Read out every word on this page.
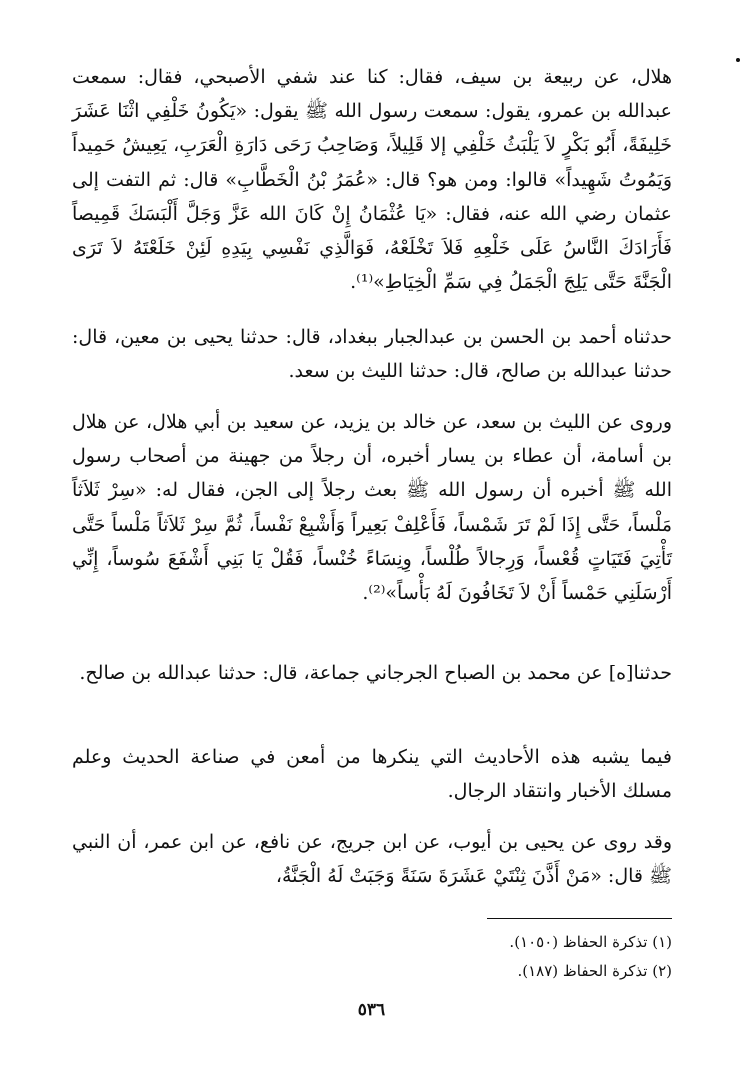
هلال، عن ربيعة بن سيف، فقال: كنا عند شفي الأصبحي، فقال: سمعت عبدالله بن عمرو، يقول: سمعت رسول الله ﷺ يقول: «يَكُونُ خَلْفِي اثْنَا عَشَرَ خَلِيفَةً، أَبُو بَكْرٍ لاَ يَلْبَثُ خَلْفِي إلا قَلِيلاً، وَصَاحِبُ رَحَى دَارَةِ الْعَرَبِ، يَعِيشُ حَمِيداً وَيَمُوتُ شَهِيداً» قالوا: ومن هو؟ قال: «عُمَرُ بْنُ الْخَطَّابِ» قال: ثم التفت إلى عثمان رضي الله عنه، فقال: «يَا عُثْمَانُ إِنْ كَانَ الله عَزَّ وَجَلَّ أَلْبَسَكَ قَمِيصاً فَأَرَادَكَ النَّاسُ عَلَى خَلْعِهِ فَلاَ تَخْلَعْهُ، فَوَالَّذِي نَفْسِي بِيَدِهِ لَئِنْ خَلَعْتَهُ لاَ تَرَى الْجَنَّةَ حَتَّى يَلِجَ الْجَمَلُ فِي سَمِّ الْخِيَاطِ»⁽¹⁾.

حدثناه أحمد بن الحسن بن عبدالجبار ببغداد، قال: حدثنا يحيى بن معين، قال: حدثنا عبدالله بن صالح، قال: حدثنا الليث بن سعد.

وروى عن الليث بن سعد، عن خالد بن يزيد، عن سعيد بن أبي هلال، عن هلال بن أسامة، أن عطاء بن يسار أخبره، أن رجلاً من جهينة من أصحاب رسول الله ﷺ أخبره أن رسول الله ﷺ بعث رجلاً إلى الجن، فقال له: «سِرْ ثَلاَثاً مَلْساً، حَتَّى إِذَا لَمْ تَرَ شَمْساً، فَأَعْلِفْ بَعِيراً وَأَشْبِعْ نَفْساً، ثُمَّ سِرْ ثَلاَثاً مَلْساً حَتَّى تَأْتِيَ فَتَيَاتٍ قُعْساً، وَرِجالاً طُلْساً، وِنِسَاءً خُنْساً، فَقُلْ يَا بَنِي أَشْفَعَ سُوساً، إِنِّي أَرْسَلَنِي حَمْساً أَنْ لاَ تَخَافُونَ لَهُ بَأْساً»⁽²⁾.

حدثنا[ه] عن محمد بن الصباح الجرجاني جماعة، قال: حدثنا عبدالله بن صالح.

فيما يشبه هذه الأحاديث التي ينكرها من أمعن في صناعة الحديث وعلم مسلك الأخبار وانتقاد الرجال.

وقد روى عن يحيى بن أيوب، عن ابن جريج، عن نافع، عن ابن عمر، أن النبي ﷺ قال: «مَنْ أَذَّنَ ثِنْتَيْ عَشَرَةَ سَنَةً وَجَبَتْ لَهُ الْجَنَّةُ،

(١) تذكرة الحفاظ (١٠٥٠).
(٢) تذكرة الحفاظ (١٨٧).
٥٣٦
